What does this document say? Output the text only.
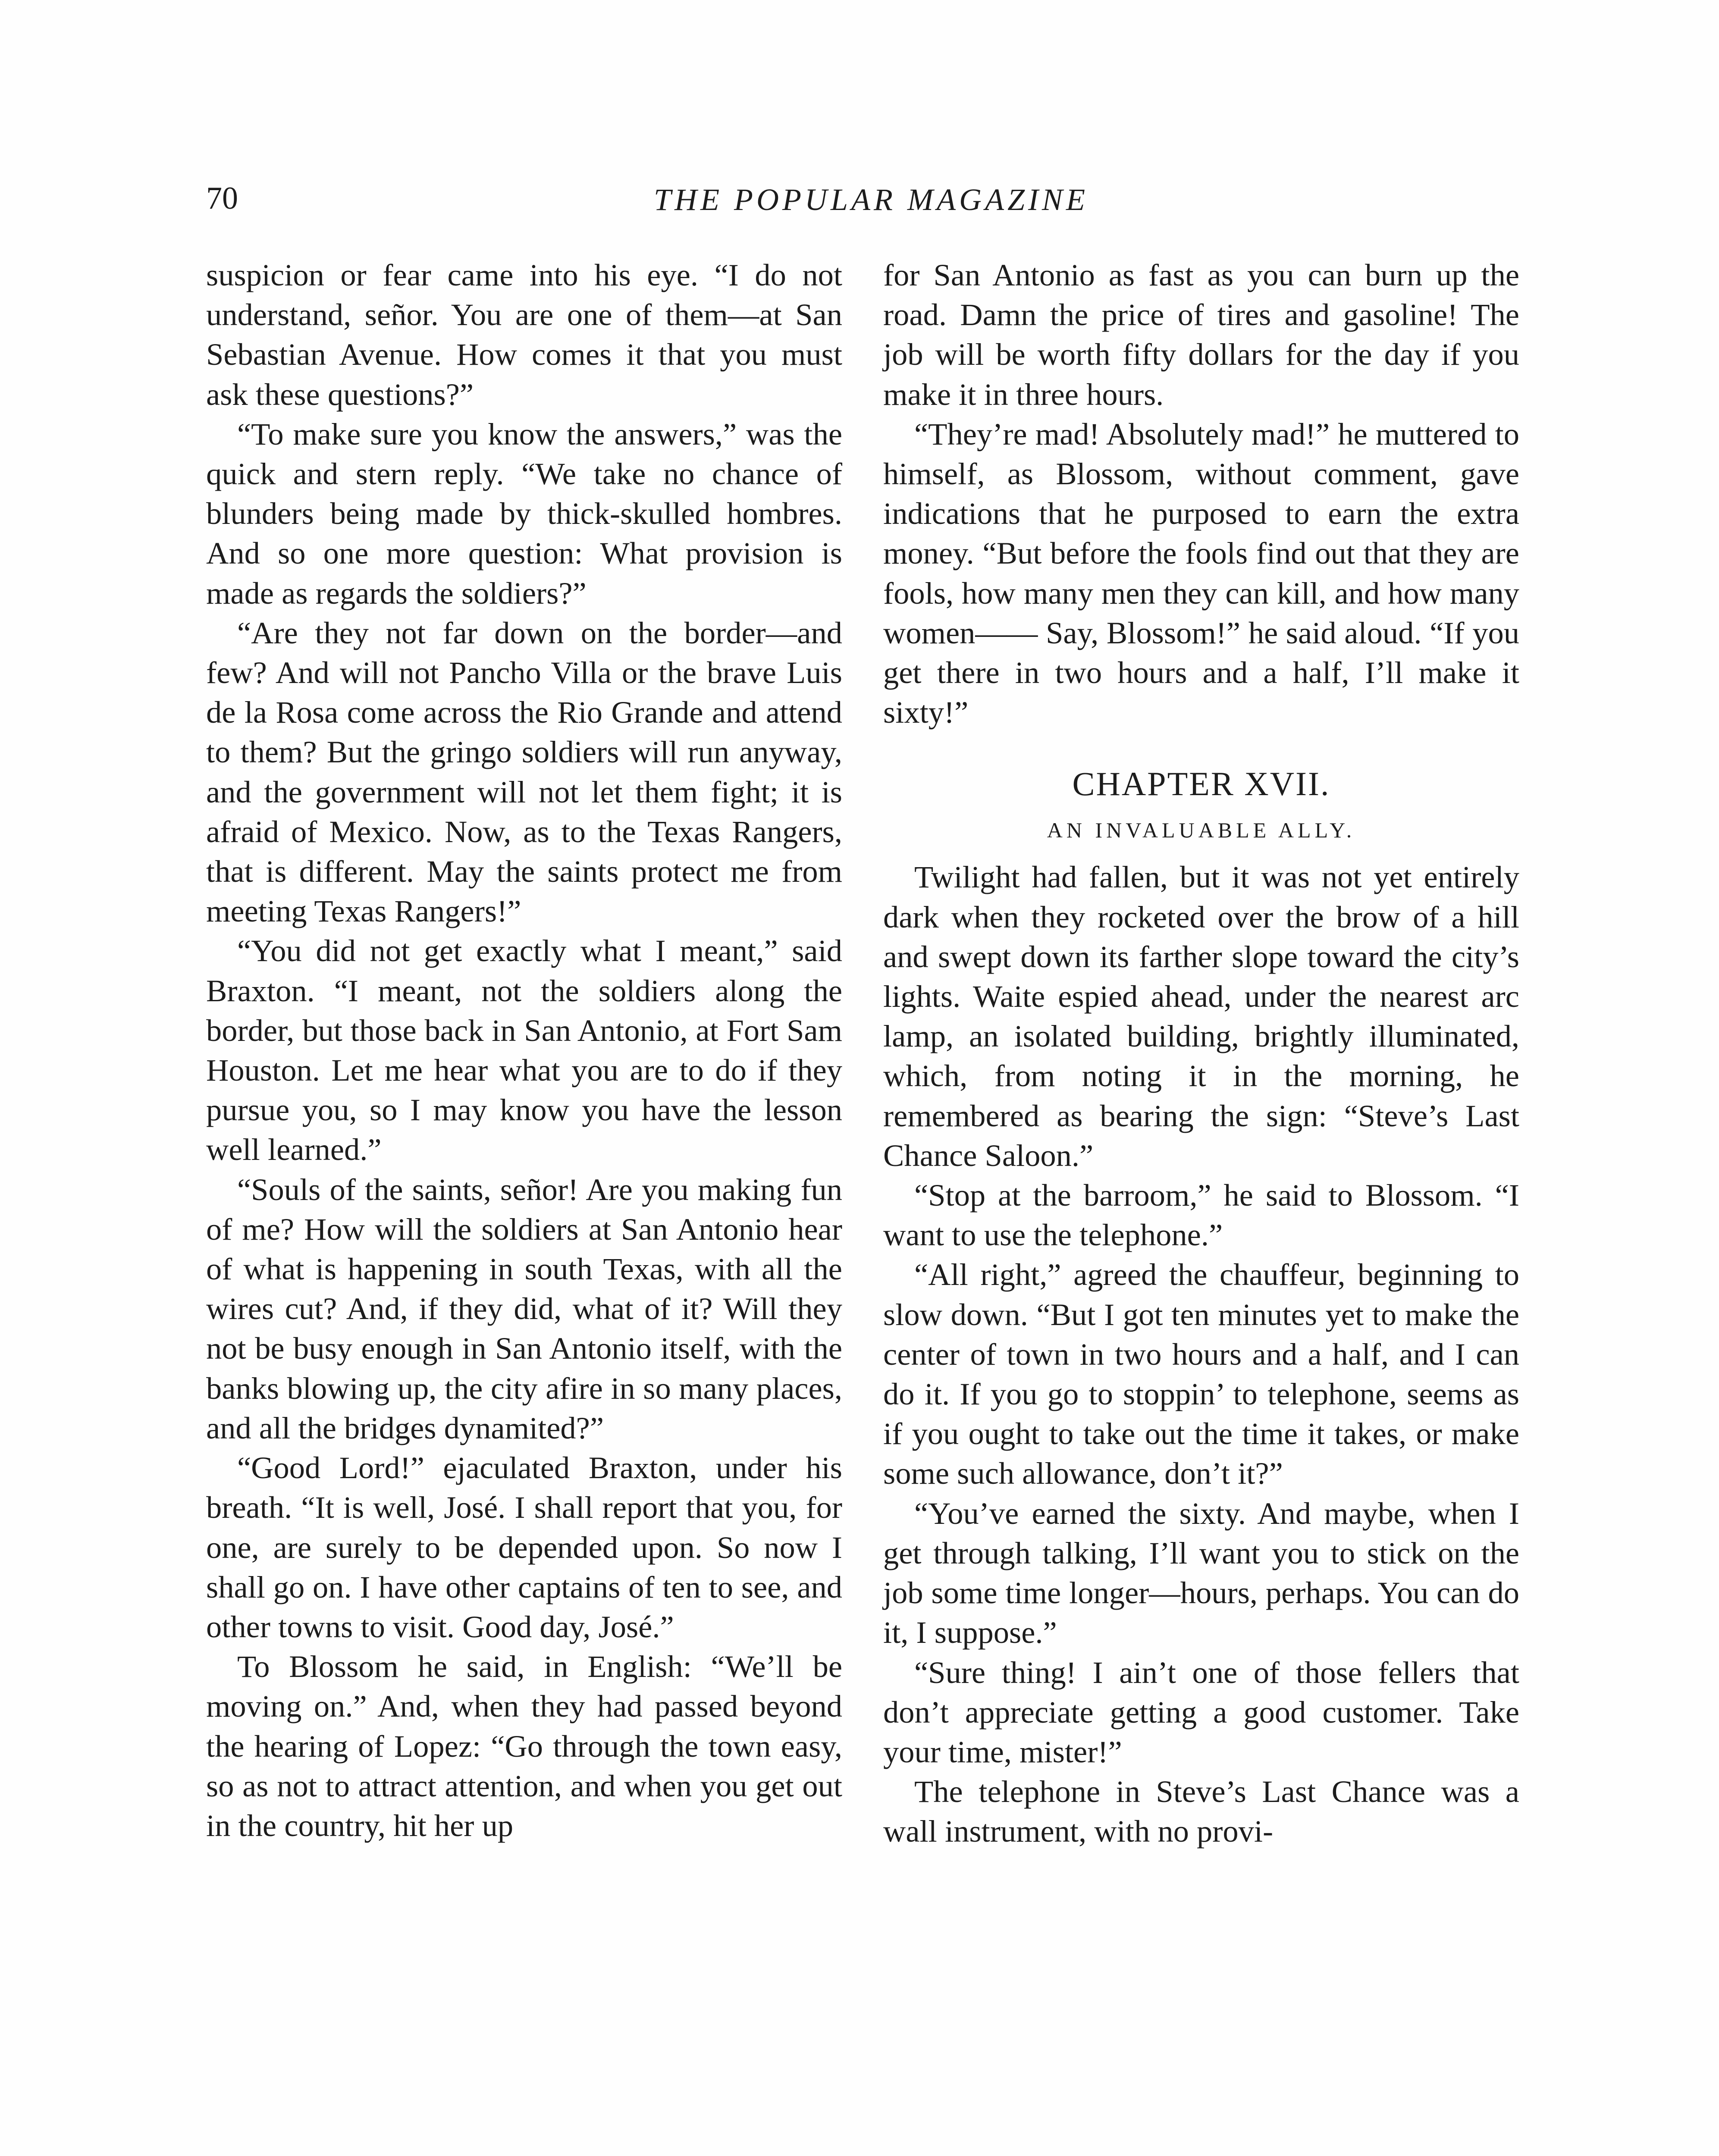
70	THE POPULAR MAGAZINE

suspicion or fear came into his eye. “I do not understand, señor. You are one of them—at San Sebastian Avenue. How comes it that you must ask these questions?”

“To make sure you know the answers,” was the quick and stern reply. “We take no chance of blunders being made by thick-skulled hombres. And so one more question: What provision is made as regards the soldiers?”

“Are they not far down on the border—and few? And will not Pancho Villa or the brave Luis de la Rosa come across the Rio Grande and attend to them? But the gringo soldiers will run anyway, and the government will not let them fight; it is afraid of Mexico. Now, as to the Texas Rangers, that is different. May the saints protect me from meeting Texas Rangers!”

“You did not get exactly what I meant,” said Braxton. “I meant, not the soldiers along the border, but those back in San Antonio, at Fort Sam Houston. Let me hear what you are to do if they pursue you, so I may know you have the lesson well learned.”

“Souls of the saints, señor! Are you making fun of me? How will the soldiers at San Antonio hear of what is happening in south Texas, with all the wires cut? And, if they did, what of it? Will they not be busy enough in San Antonio itself, with the banks blowing up, the city afire in so many places, and all the bridges dynamited?”

“Good Lord!” ejaculated Braxton, under his breath. “It is well, José. I shall report that you, for one, are surely to be depended upon. So now I shall go on. I have other captains of ten to see, and other towns to visit. Good day, José.”

To Blossom he said, in English: “We’ll be moving on.” And, when they had passed beyond the hearing of Lopez: “Go through the town easy, so as not to attract attention, and when you get out in the country, hit her up

for San Antonio as fast as you can burn up the road. Damn the price of tires and gasoline! The job will be worth fifty dollars for the day if you make it in three hours.

“They’re mad! Absolutely mad!” he muttered to himself, as Blossom, without comment, gave indications that he purposed to earn the extra money. “But before the fools find out that they are fools, how many men they can kill, and how many women—— Say, Blossom!” he said aloud. “If you get there in two hours and a half, I’ll make it sixty!”

CHAPTER XVII.
AN INVALUABLE ALLY.

Twilight had fallen, but it was not yet entirely dark when they rocketed over the brow of a hill and swept down its farther slope toward the city’s lights. Waite espied ahead, under the nearest arc lamp, an isolated building, brightly illuminated, which, from noting it in the morning, he remembered as bearing the sign: “Steve’s Last Chance Saloon.”

“Stop at the barroom,” he said to Blossom. “I want to use the telephone.”

“All right,” agreed the chauffeur, beginning to slow down. “But I got ten minutes yet to make the center of town in two hours and a half, and I can do it. If you go to stoppin’ to telephone, seems as if you ought to take out the time it takes, or make some such allowance, don’t it?”

“You’ve earned the sixty. And maybe, when I get through talking, I’ll want you to stick on the job some time longer—hours, perhaps. You can do it, I suppose.”

“Sure thing! I ain’t one of those fellers that don’t appreciate getting a good customer. Take your time, mister!”

The telephone in Steve’s Last Chance was a wall instrument, with no provi-
